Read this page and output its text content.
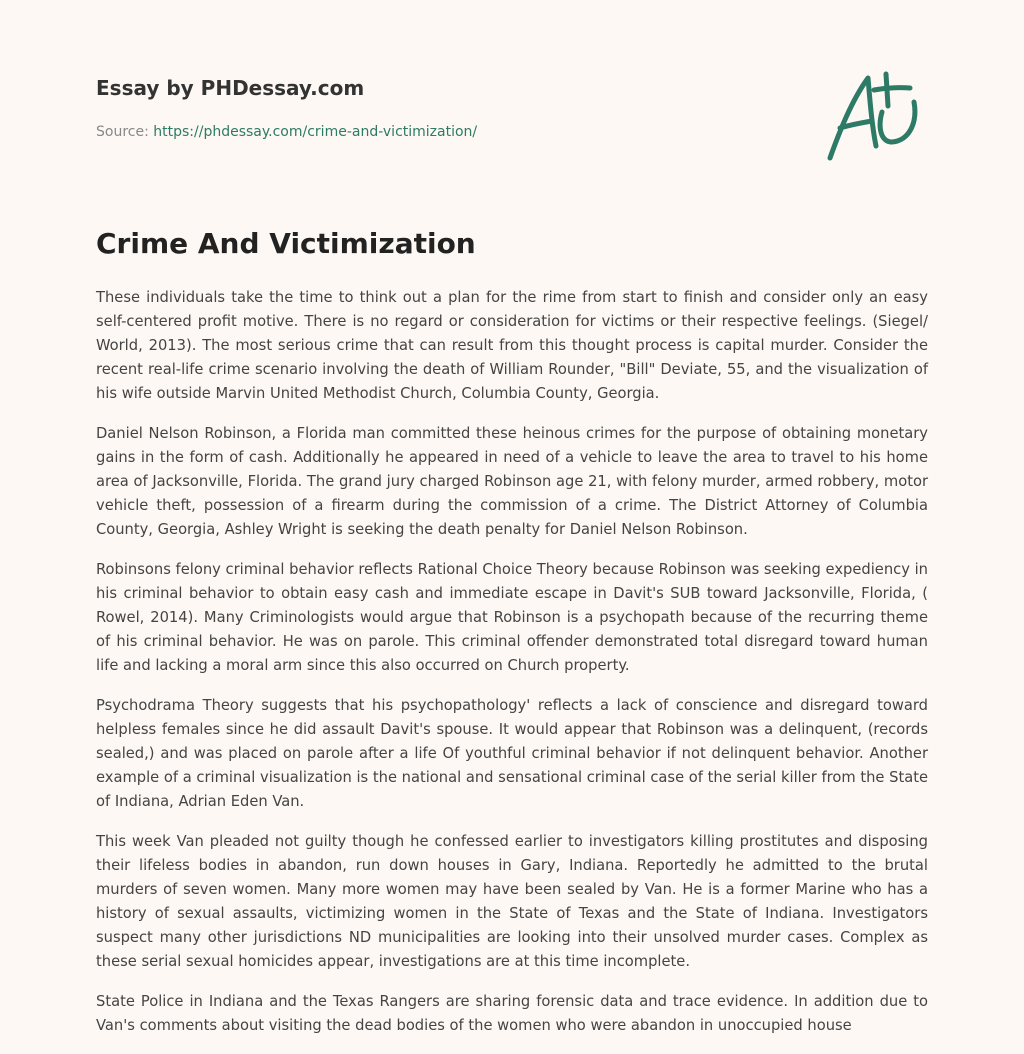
Essay by PHDessay.com
Source: https://phdessay.com/crime-and-victimization/
Crime And Victimization

These individuals take the time to think out a plan for the rime from start to finish and consider only an easy self-centered profit motive. There is no regard or consideration for victims or their respective feelings. (Siegel/ World, 2013). The most serious crime that can result from this thought process is capital murder. Consider the recent real-life crime scenario involving the death of William Rounder, "Bill" Deviate, 55, and the visualization of his wife outside Marvin United Methodist Church, Columbia County, Georgia.

Daniel Nelson Robinson, a Florida man committed these heinous crimes for the purpose of obtaining monetary gains in the form of cash. Additionally he appeared in need of a vehicle to leave the area to travel to his home area of Jacksonville, Florida. The grand jury charged Robinson age 21, with felony murder, armed robbery, motor vehicle theft, possession of a firearm during the commission of a crime. The District Attorney of Columbia County, Georgia, Ashley Wright is seeking the death penalty for Daniel Nelson Robinson.

Robinsons felony criminal behavior reflects Rational Choice Theory because Robinson was seeking expediency in his criminal behavior to obtain easy cash and immediate escape in Davit's SUB toward Jacksonville, Florida, ( Rowel, 2014). Many Criminologists would argue that Robinson is a psychopath because of the recurring theme of his criminal behavior. He was on parole. This criminal offender demonstrated total disregard toward human life and lacking a moral arm since this also occurred on Church property.

Psychodrama Theory suggests that his psychopathology' reflects a lack of conscience and disregard toward helpless females since he did assault Davit's spouse. It would appear that Robinson was a delinquent, (records sealed,) and was placed on parole after a life Of youthful criminal behavior if not delinquent behavior. Another example of a criminal visualization is the national and sensational criminal case of the serial killer from the State of Indiana, Adrian Eden Van.

This week Van pleaded not guilty though he confessed earlier to investigators killing prostitutes and disposing their lifeless bodies in abandon, run down houses in Gary, Indiana. Reportedly he admitted to the brutal murders of seven women. Many more women may have been sealed by Van. He is a former Marine who has a history of sexual assaults, victimizing women in the State of Texas and the State of Indiana. Investigators suspect many other jurisdictions ND municipalities are looking into their unsolved murder cases. Complex as these serial sexual homicides appear, investigations are at this time incomplete.

State Police in Indiana and the Texas Rangers are sharing forensic data and trace evidence. In addition due to Van's comments about visiting the dead bodies of the women who were abandon in unoccupied house
